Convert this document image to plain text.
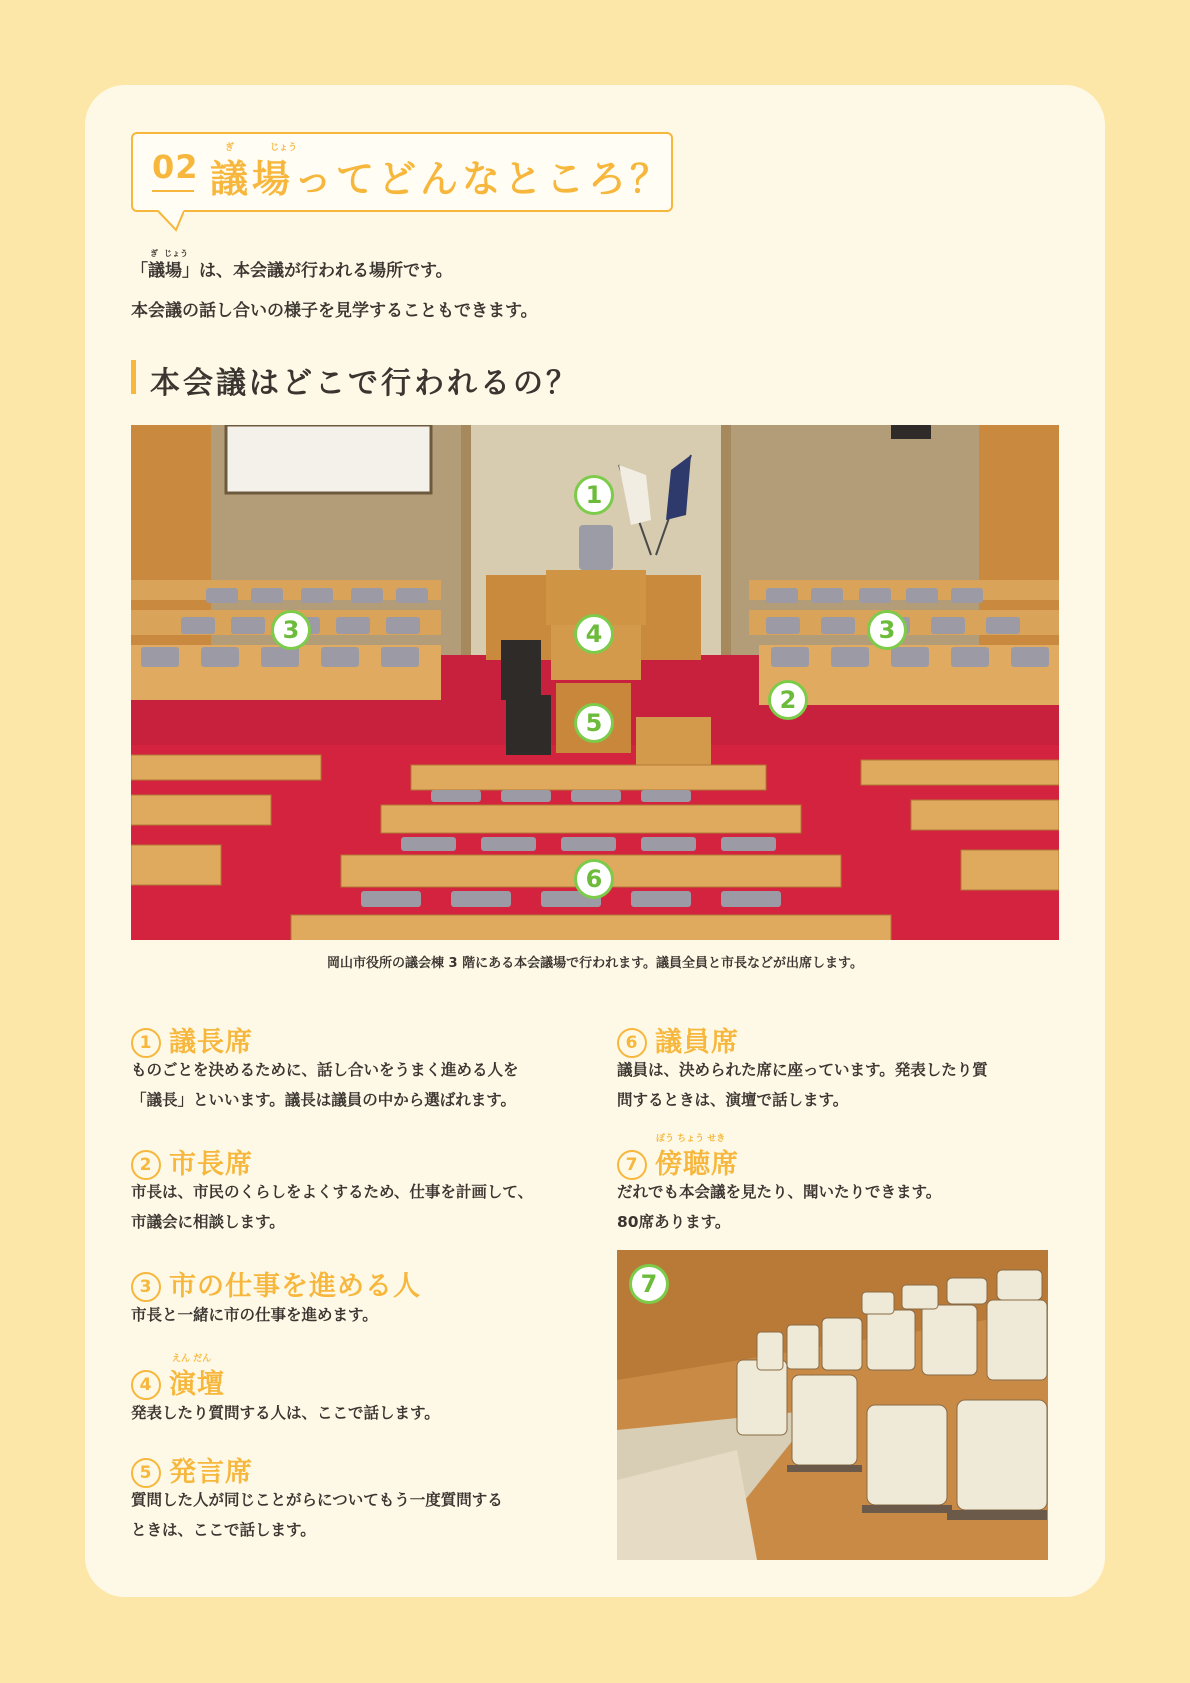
02	ぎ	じょう
議場ってどんなところ？
ぎ じょう
「議場」は、本会議が行われる場所です。
本会議の話し合いの様子を見学することもできます。
本会議はどこで行われるの？
1
2
3	3
4
5
6
岡山市役所の議会棟 3 階にある本会議場で行われます。議員全員と市長などが出席します。
1 議長席
ものごとを決めるために、話し合いをうまく進める人を
「議長」といいます。議長は議員の中から選ばれます。
2 市長席
市長は、市民のくらしをよくするため、仕事を計画して、
市議会に相談します。
3 市の仕事を進める人
市長と一緒に市の仕事を進めます。
えん だん
4 演壇
発表したり質問する人は、ここで話します。
5 発言席
質問した人が同じことがらについてもう一度質問する
ときは、ここで話します。
6 議員席
議員は、決められた席に座っています。発表したり質
問するときは、演壇で話します。
ぼう ちょう せき
7 傍聴席
だれでも本会議を見たり、聞いたりできます。
80席あります。
7
